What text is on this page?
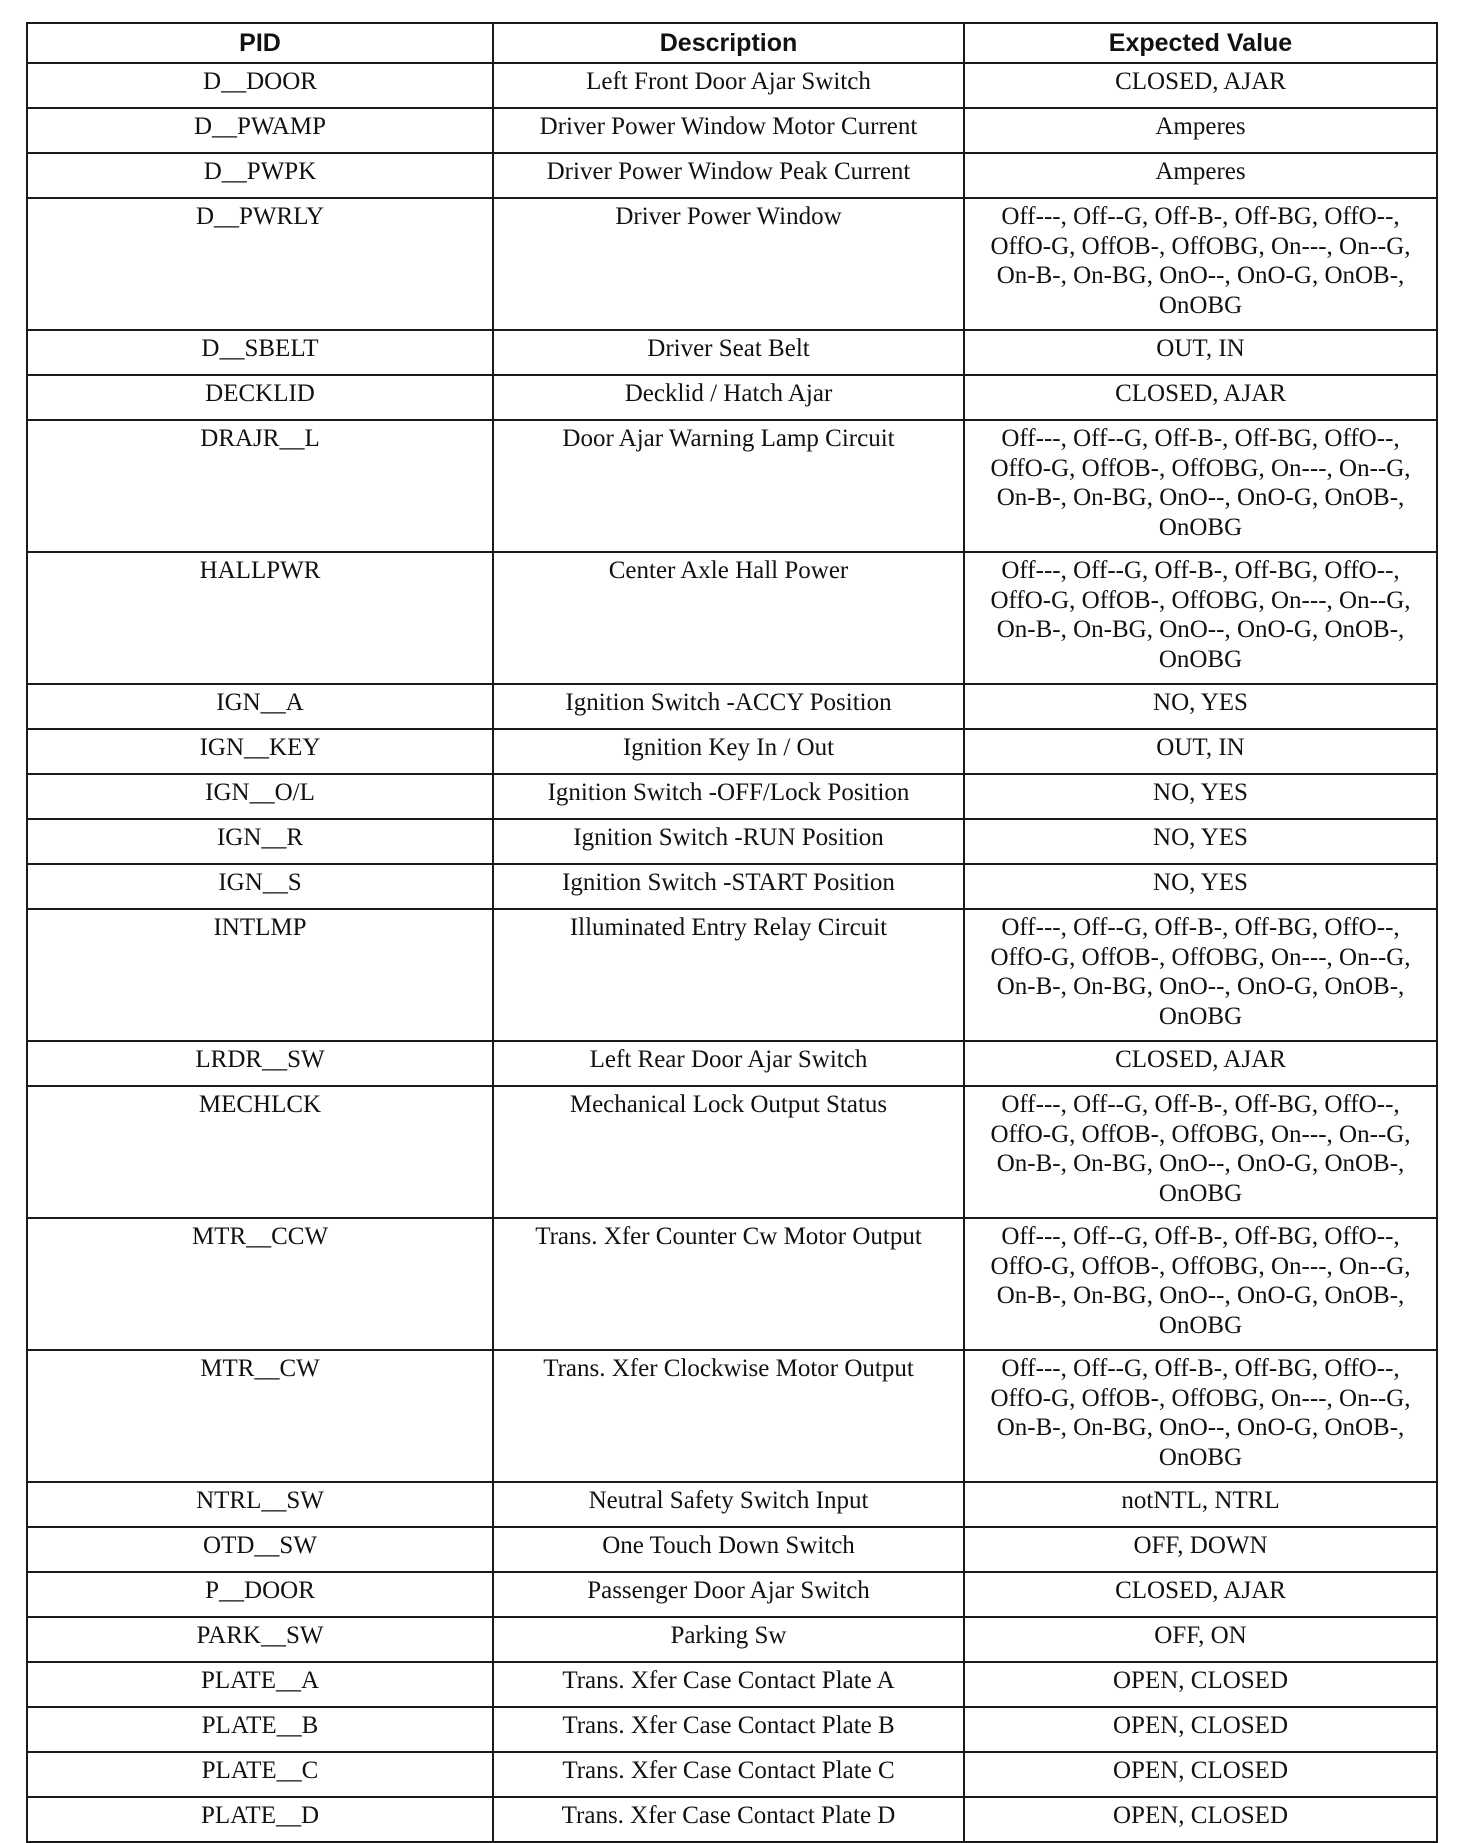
PID	Description	Expected Value
D__DOOR	Left Front Door Ajar Switch	CLOSED, AJAR
D__PWAMP	Driver Power Window Motor Current	Amperes
D__PWPK	Driver Power Window Peak Current	Amperes
D__PWRLY	Driver Power Window	Off---, Off--G, Off-B-, Off-BG, OffO--, OffO-G, OffOB-, OffOBG, On---, On--G, On-B-, On-BG, OnO--, OnO-G, OnOB-, OnOBG
D__SBELT	Driver Seat Belt	OUT, IN
DECKLID	Decklid / Hatch Ajar	CLOSED, AJAR
DRAJR__L	Door Ajar Warning Lamp Circuit	Off---, Off--G, Off-B-, Off-BG, OffO--, OffO-G, OffOB-, OffOBG, On---, On--G, On-B-, On-BG, OnO--, OnO-G, OnOB-, OnOBG
HALLPWR	Center Axle Hall Power	Off---, Off--G, Off-B-, Off-BG, OffO--, OffO-G, OffOB-, OffOBG, On---, On--G, On-B-, On-BG, OnO--, OnO-G, OnOB-, OnOBG
IGN__A	Ignition Switch -ACCY Position	NO, YES
IGN__KEY	Ignition Key In / Out	OUT, IN
IGN__O/L	Ignition Switch -OFF/Lock Position	NO, YES
IGN__R	Ignition Switch -RUN Position	NO, YES
IGN__S	Ignition Switch -START Position	NO, YES
INTLMP	Illuminated Entry Relay Circuit	Off---, Off--G, Off-B-, Off-BG, OffO--, OffO-G, OffOB-, OffOBG, On---, On--G, On-B-, On-BG, OnO--, OnO-G, OnOB-, OnOBG
LRDR__SW	Left Rear Door Ajar Switch	CLOSED, AJAR
MECHLCK	Mechanical Lock Output Status	Off---, Off--G, Off-B-, Off-BG, OffO--, OffO-G, OffOB-, OffOBG, On---, On--G, On-B-, On-BG, OnO--, OnO-G, OnOB-, OnOBG
MTR__CCW	Trans. Xfer Counter Cw Motor Output	Off---, Off--G, Off-B-, Off-BG, OffO--, OffO-G, OffOB-, OffOBG, On---, On--G, On-B-, On-BG, OnO--, OnO-G, OnOB-, OnOBG
MTR__CW	Trans. Xfer Clockwise Motor Output	Off---, Off--G, Off-B-, Off-BG, OffO--, OffO-G, OffOB-, OffOBG, On---, On--G, On-B-, On-BG, OnO--, OnO-G, OnOB-, OnOBG
NTRL__SW	Neutral Safety Switch Input	notNTL, NTRL
OTD__SW	One Touch Down Switch	OFF, DOWN
P__DOOR	Passenger Door Ajar Switch	CLOSED, AJAR
PARK__SW	Parking Sw	OFF, ON
PLATE__A	Trans. Xfer Case Contact Plate A	OPEN, CLOSED
PLATE__B	Trans. Xfer Case Contact Plate B	OPEN, CLOSED
PLATE__C	Trans. Xfer Case Contact Plate C	OPEN, CLOSED
PLATE__D	Trans. Xfer Case Contact Plate D	OPEN, CLOSED
